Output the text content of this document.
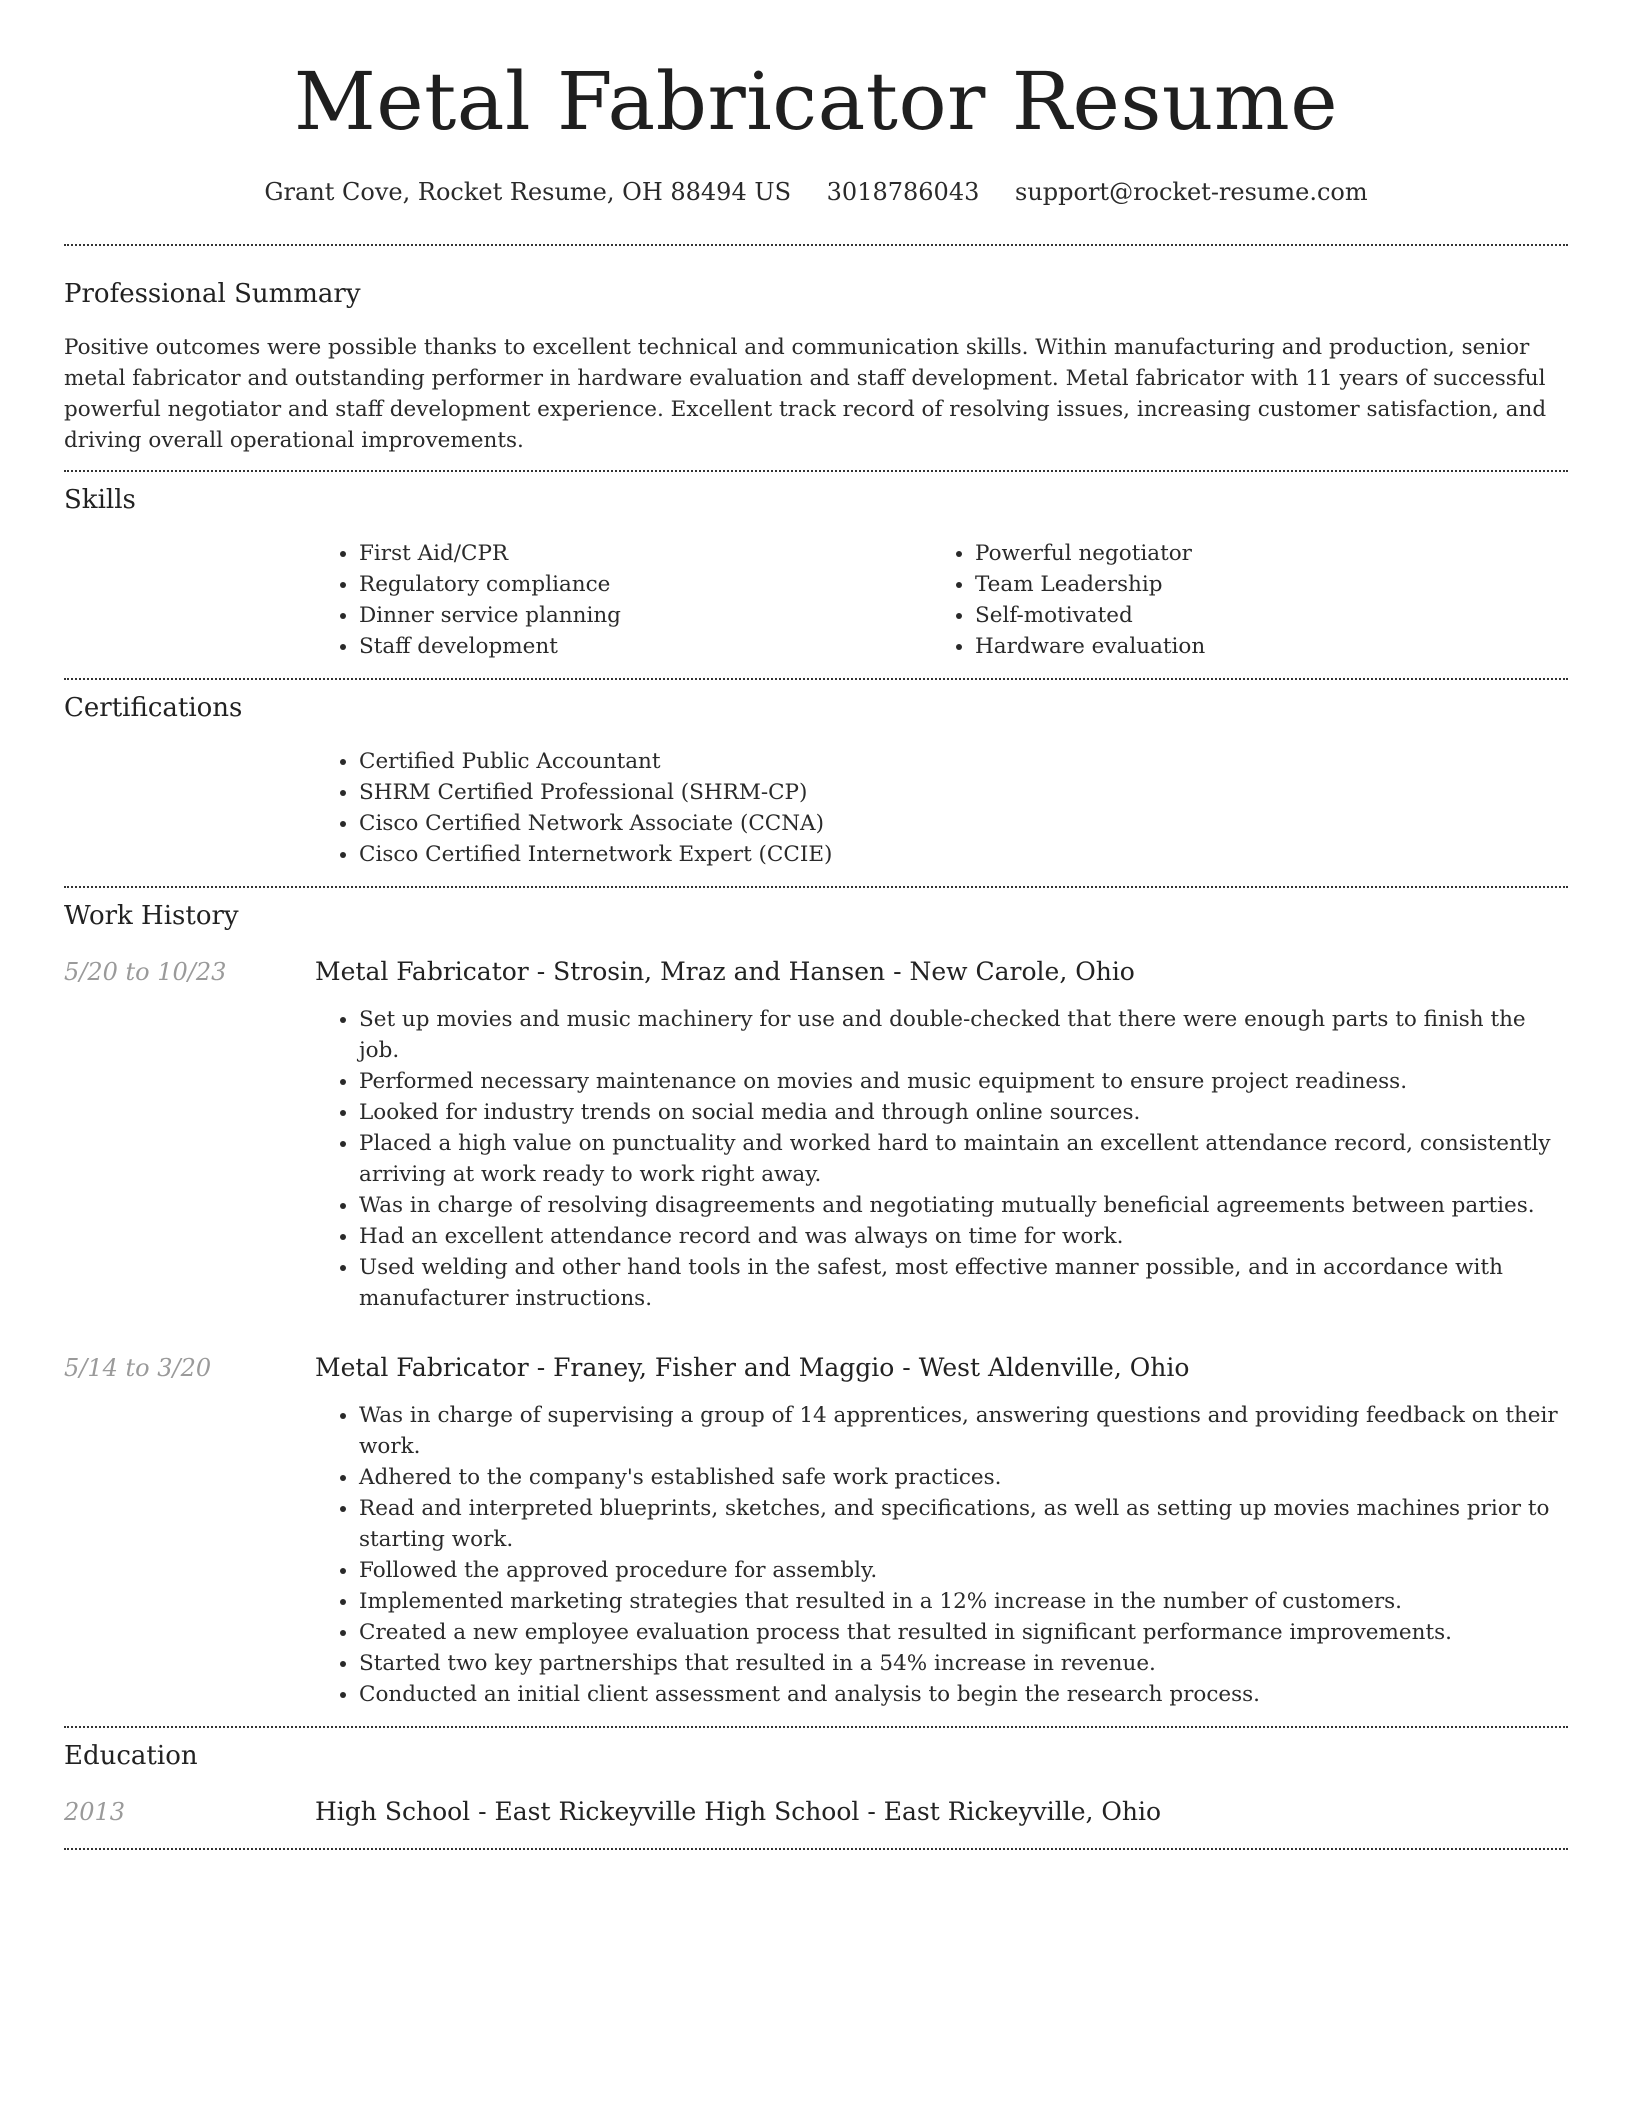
Metal Fabricator Resume
Grant Cove, Rocket Resume, OH 88494 US 3018786043 support@rocket-resume.com
Professional Summary

Positive outcomes were possible thanks to excellent technical and communication skills. Within manufacturing and production, senior metal fabricator and outstanding performer in hardware evaluation and staff development. Metal fabricator with 11 years of successful powerful negotiator and staff development experience. Excellent track record of resolving issues, increasing customer satisfaction, and driving overall operational improvements.

Skills
• First Aid/CPR
• Regulatory compliance
• Dinner service planning
• Staff development
• Powerful negotiator
• Team Leadership
• Self-motivated
• Hardware evaluation
Certifications
• Certified Public Accountant
• SHRM Certified Professional (SHRM-CP)
• Cisco Certified Network Associate (CCNA)
• Cisco Certified Internetwork Expert (CCIE)
Work History
5/20 to 10/23	Metal Fabricator - Strosin, Mraz and Hansen - New Carole, Ohio
• Set up movies and music machinery for use and double-checked that there were enough parts to finish the job.
• Performed necessary maintenance on movies and music equipment to ensure project readiness.
• Looked for industry trends on social media and through online sources.
• Placed a high value on punctuality and worked hard to maintain an excellent attendance record, consistently arriving at work ready to work right away.
• Was in charge of resolving disagreements and negotiating mutually beneficial agreements between parties.
• Had an excellent attendance record and was always on time for work.
• Used welding and other hand tools in the safest, most effective manner possible, and in accordance with manufacturer instructions.
5/14 to 3/20	Metal Fabricator - Franey, Fisher and Maggio - West Aldenville, Ohio
• Was in charge of supervising a group of 14 apprentices, answering questions and providing feedback on their work.
• Adhered to the company's established safe work practices.
• Read and interpreted blueprints, sketches, and specifications, as well as setting up movies machines prior to starting work.
• Followed the approved procedure for assembly.
• Implemented marketing strategies that resulted in a 12% increase in the number of customers.
• Created a new employee evaluation process that resulted in significant performance improvements.
• Started two key partnerships that resulted in a 54% increase in revenue.
• Conducted an initial client assessment and analysis to begin the research process.
Education
2013	High School - East Rickeyville High School - East Rickeyville, Ohio
